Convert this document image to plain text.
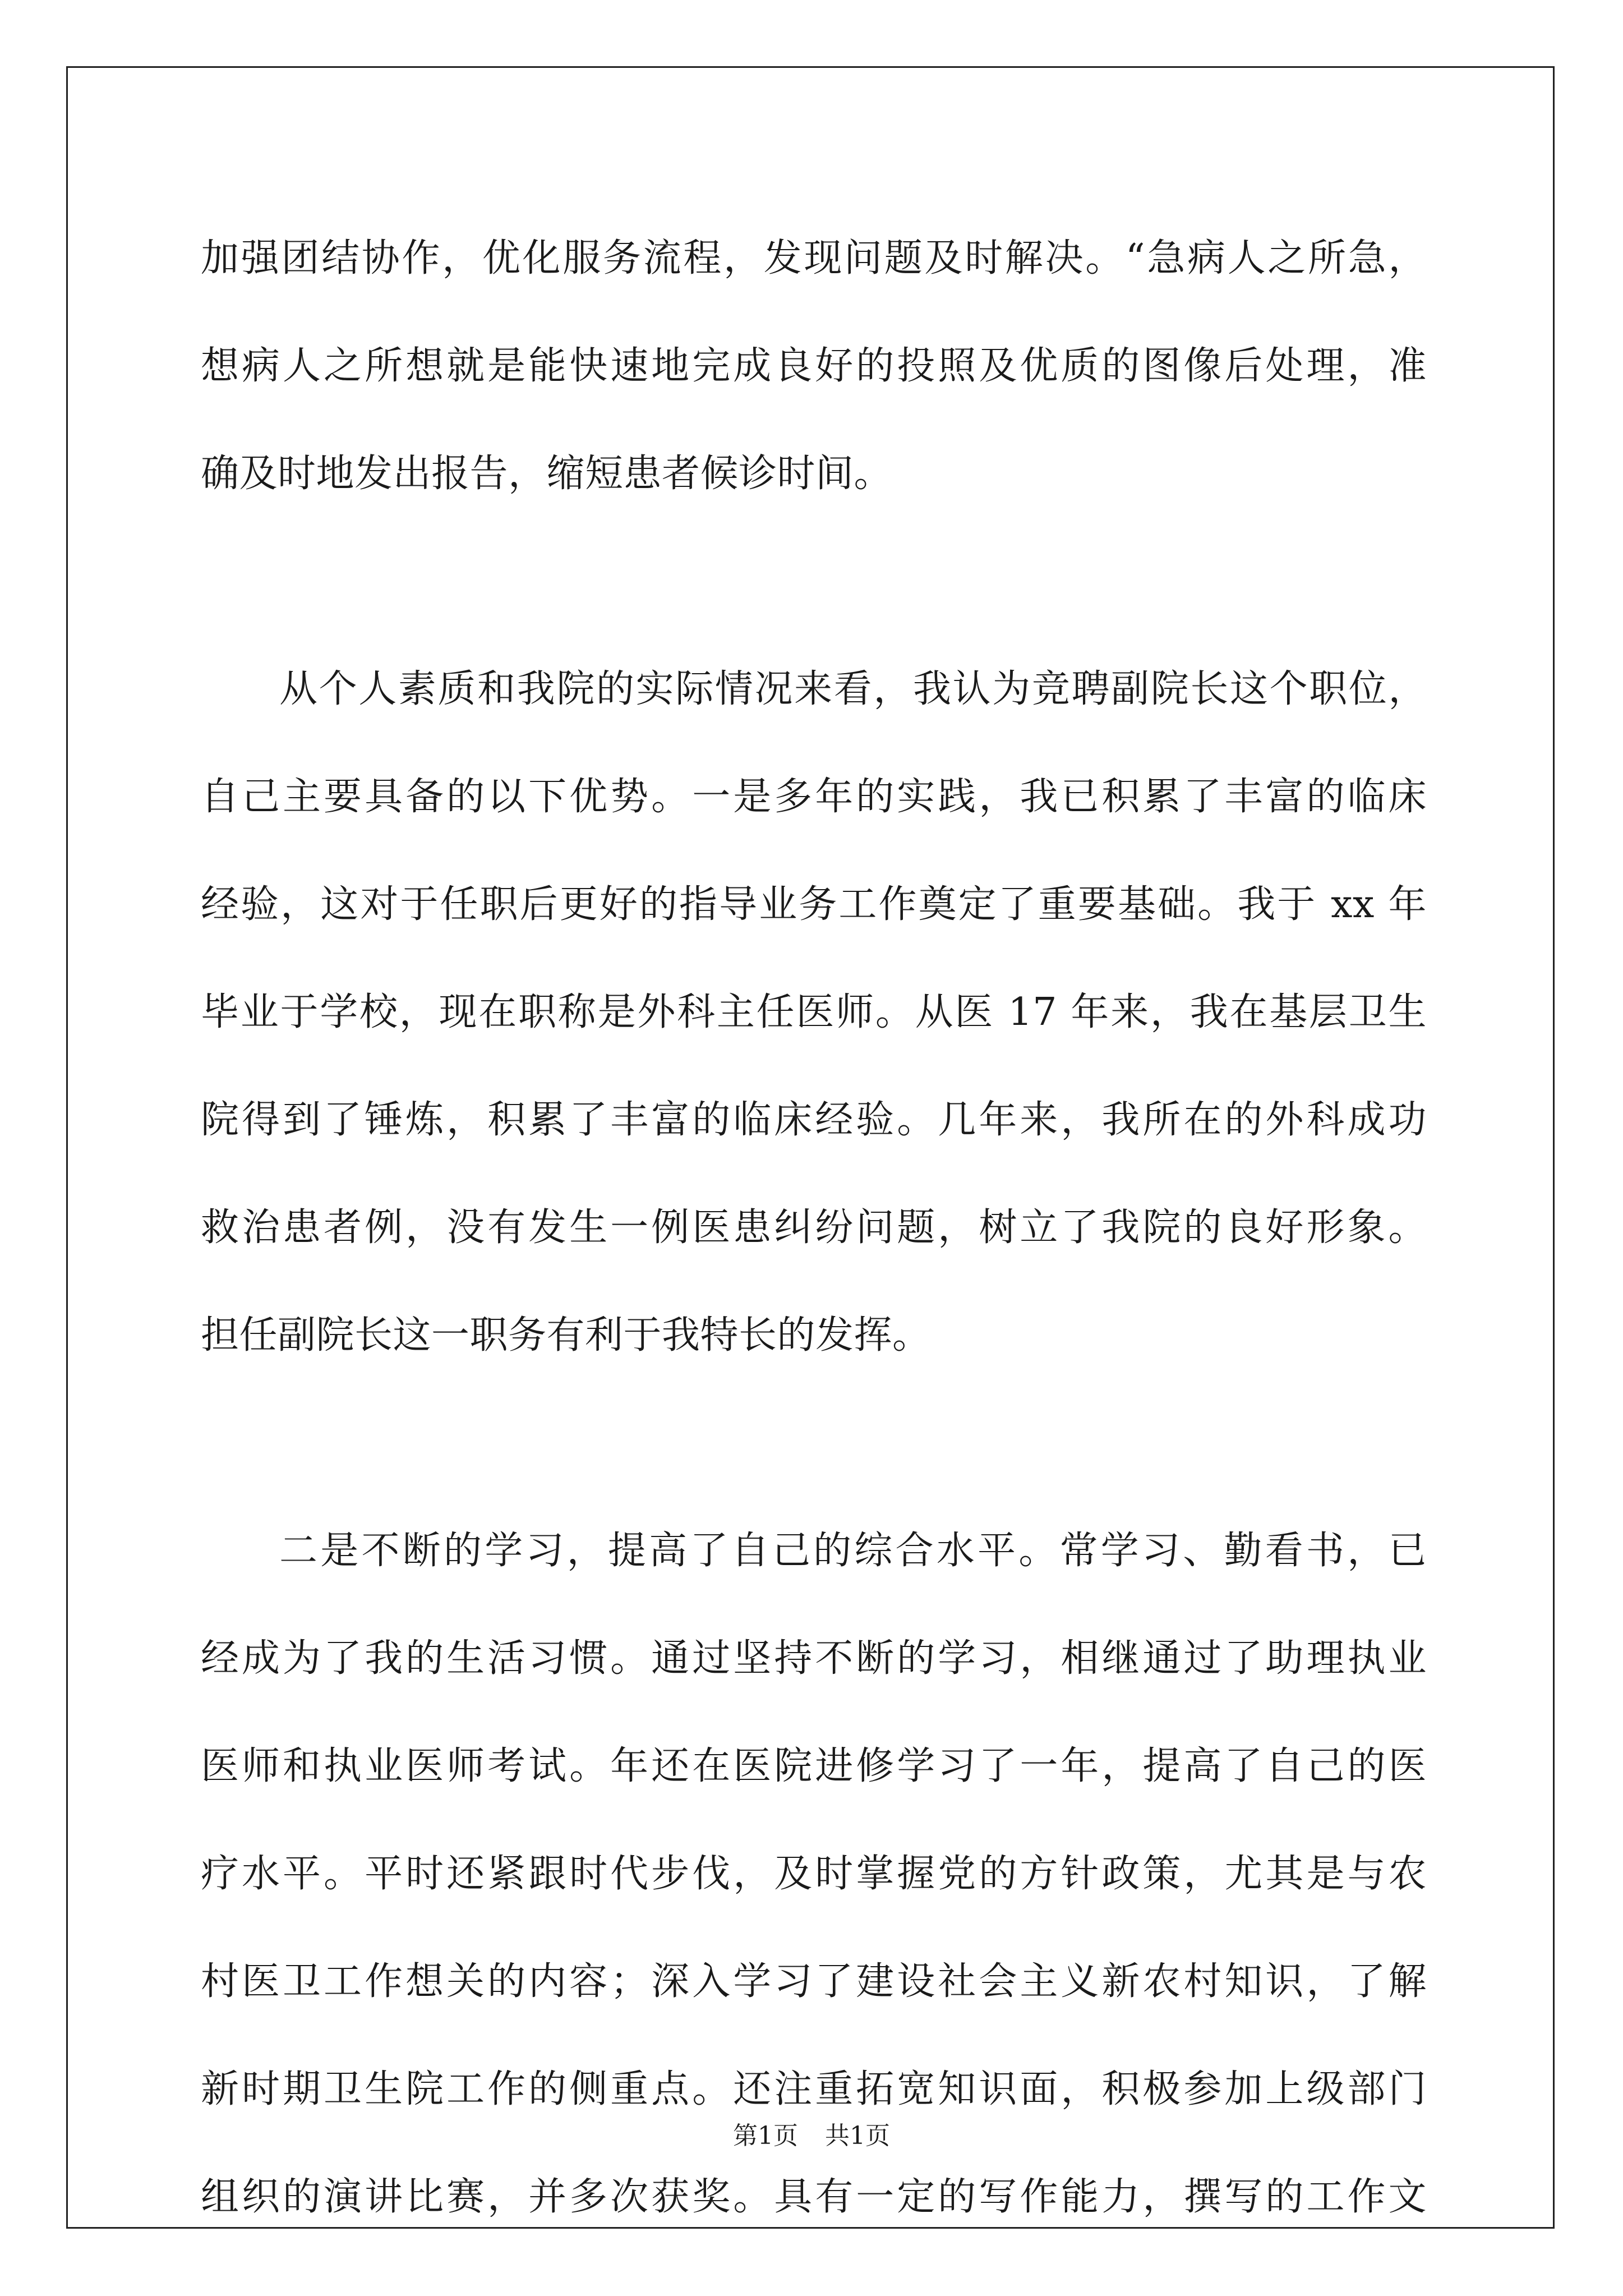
加强团结协作，优化服务流程，发现问题及时解决。“急病人之所急，
想病人之所想就是能快速地完成良好的投照及优质的图像后处理，准
确及时地发出报告，缩短患者候诊时间。
从个人素质和我院的实际情况来看，我认为竞聘副院长这个职位，
自己主要具备的以下优势。一是多年的实践，我已积累了丰富的临床
经验，这对于任职后更好的指导业务工作奠定了重要基础。我于 xx 年
毕业于学校，现在职称是外科主任医师。从医 17 年来，我在基层卫生
院得到了锤炼，积累了丰富的临床经验。几年来，我所在的外科成功
救治患者例，没有发生一例医患纠纷问题，树立了我院的良好形象。
担任副院长这一职务有利于我特长的发挥。
二是不断的学习，提高了自己的综合水平。常学习、勤看书，已
经成为了我的生活习惯。通过坚持不断的学习，相继通过了助理执业
医师和执业医师考试。年还在医院进修学习了一年，提高了自己的医
疗水平。平时还紧跟时代步伐，及时掌握党的方针政策，尤其是与农
村医卫工作想关的内容；深入学习了建设社会主义新农村知识，了解
新时期卫生院工作的侧重点。还注重拓宽知识面，积极参加上级部门
组织的演讲比赛，并多次获奖。具有一定的写作能力，撰写的工作文
第1页 共1页
